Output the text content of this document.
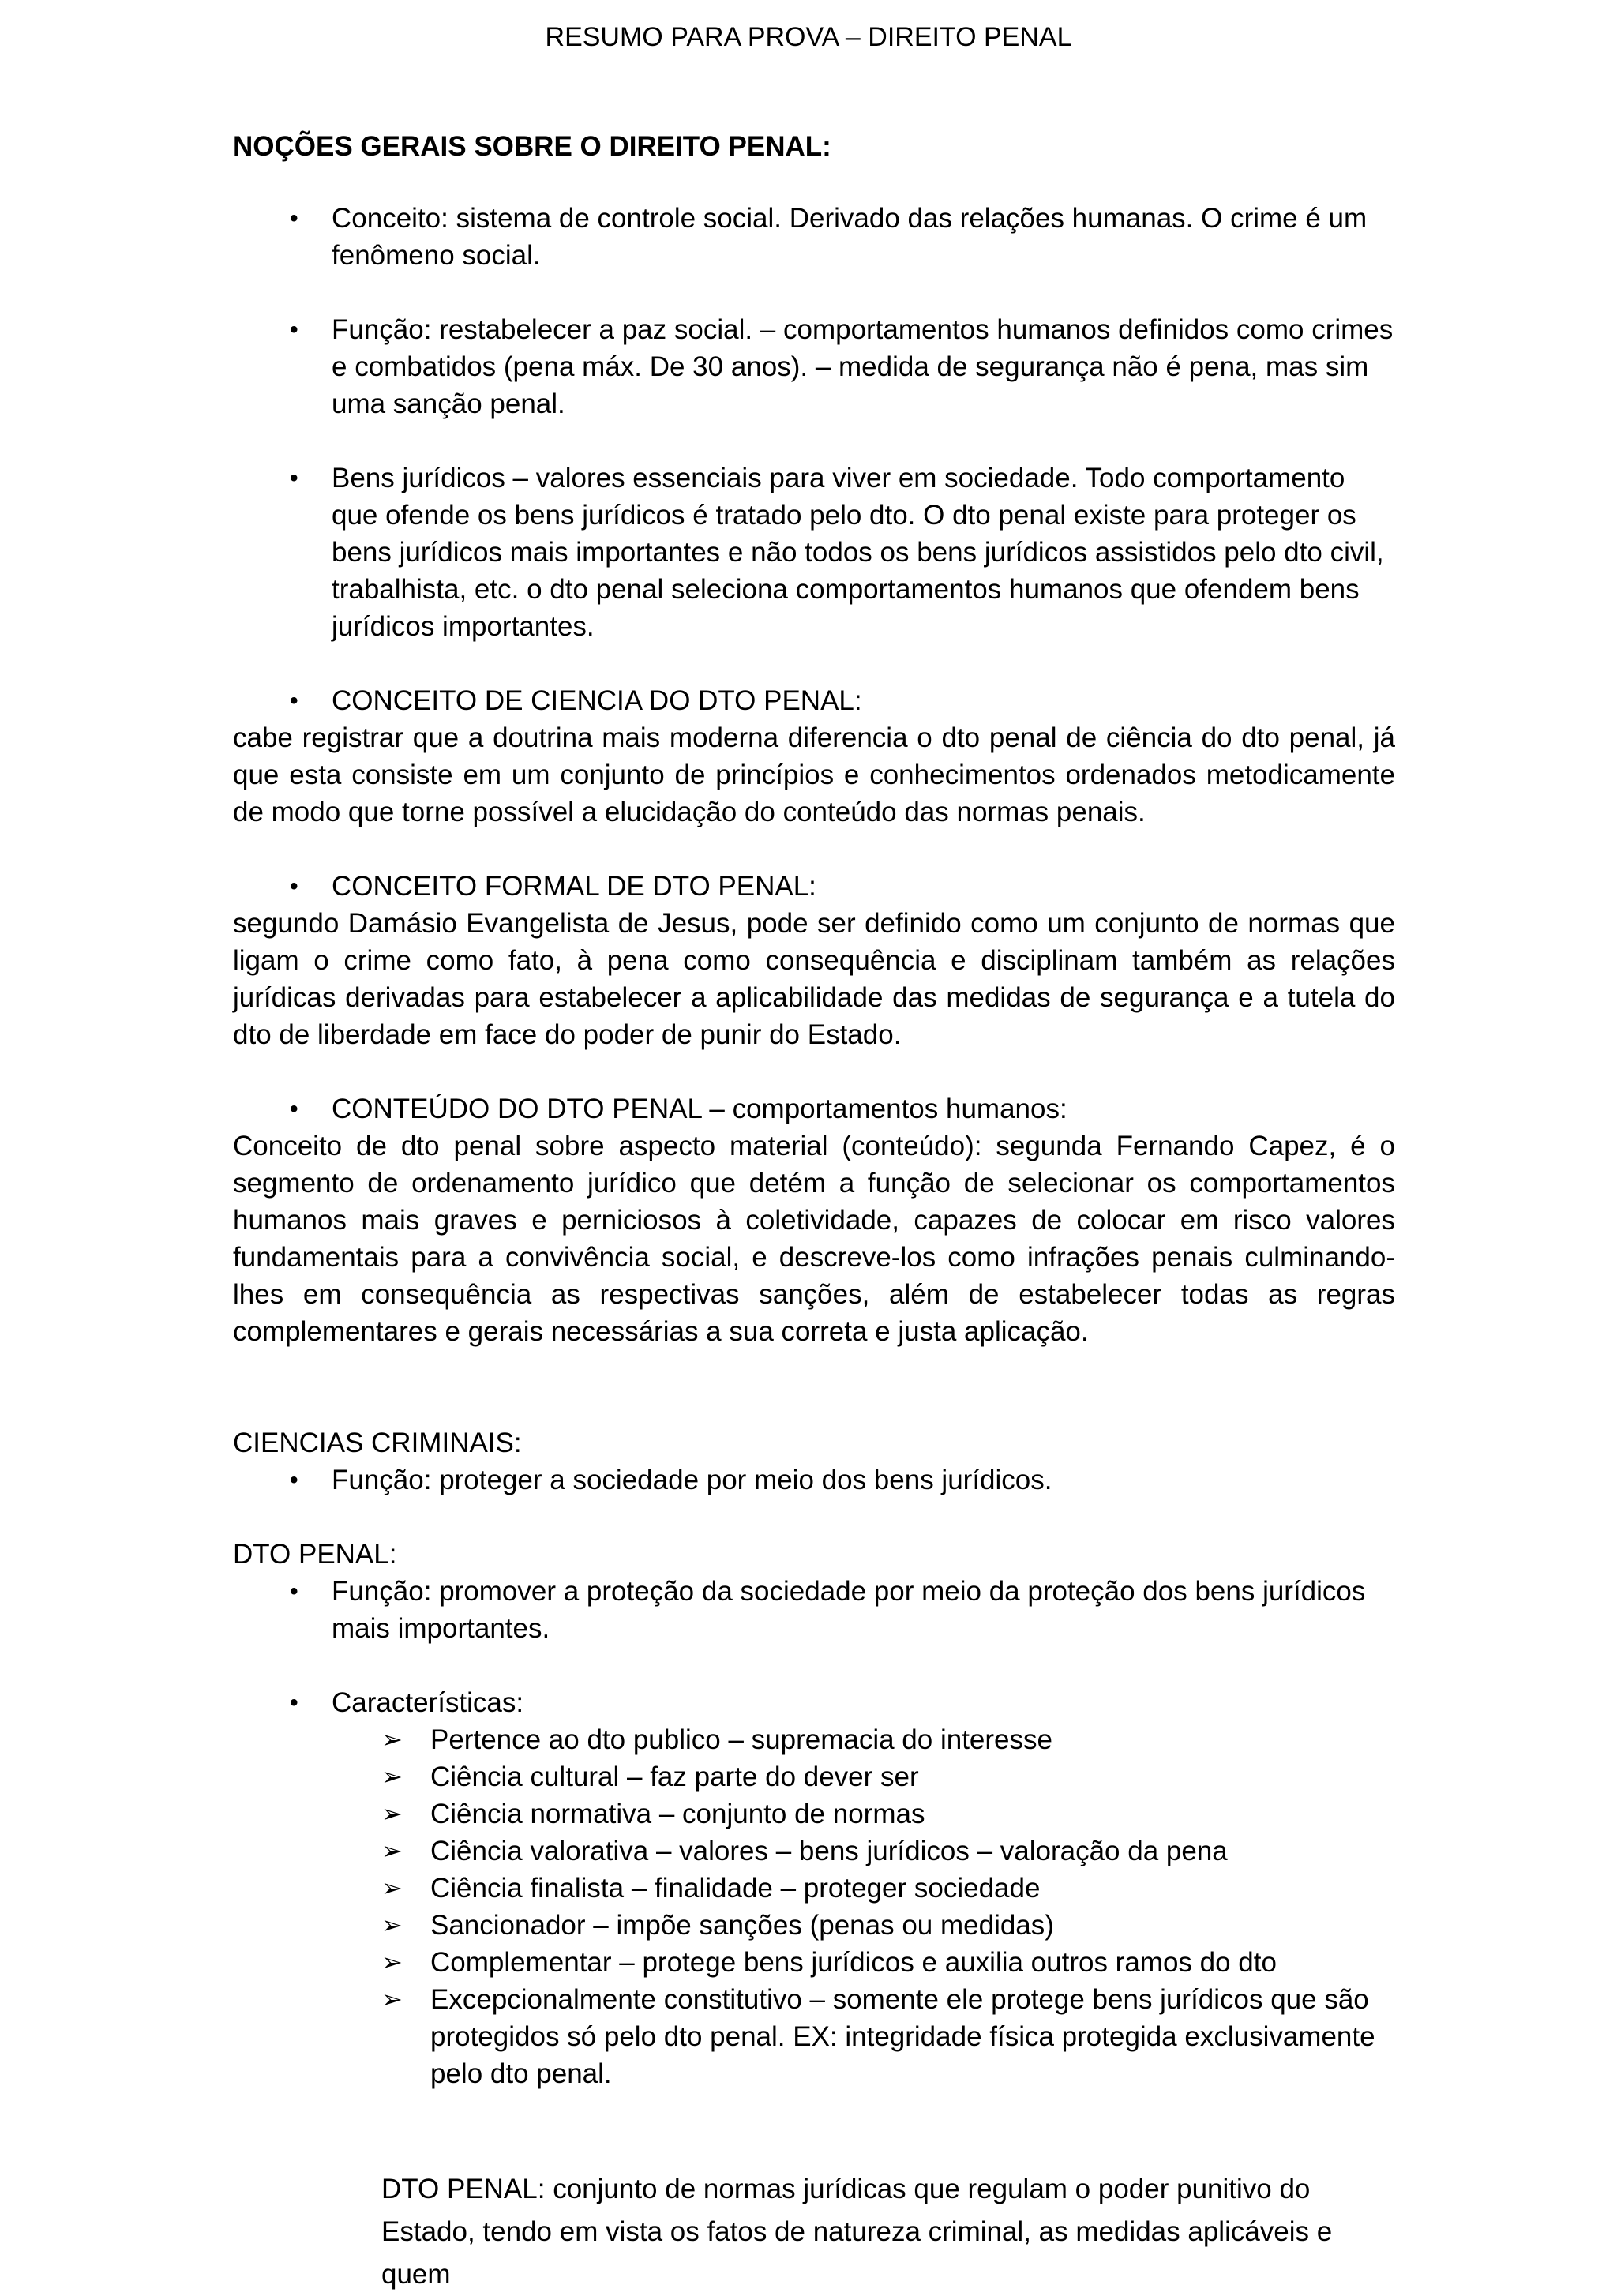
RESUMO PARA PROVA – DIREITO PENAL
NOÇÕES GERAIS SOBRE O DIREITO PENAL:
•	Conceito: sistema de controle social. Derivado das relações humanas. O crime é um fenômeno social.
•	Função: restabelecer a paz social. – comportamentos humanos definidos como crimes e combatidos (pena máx. De 30 anos). – medida de segurança não é pena, mas sim uma sanção penal.
•	Bens jurídicos – valores essenciais para viver em sociedade. Todo comportamento que ofende os bens jurídicos é tratado pelo dto. O dto penal existe para proteger os bens jurídicos mais importantes e não todos os bens jurídicos assistidos pelo dto civil, trabalhista, etc. o dto penal seleciona comportamentos humanos que ofendem bens jurídicos importantes.
•	CONCEITO DE CIENCIA DO DTO PENAL:

cabe registrar que a doutrina mais moderna diferencia o dto penal de ciência do dto penal, já que esta consiste em um conjunto de princípios e conhecimentos ordenados metodicamente de modo que torne possível a elucidação do conteúdo das normas penais.

•	CONCEITO FORMAL DE DTO PENAL:

segundo Damásio Evangelista de Jesus, pode ser definido como um conjunto de normas que ligam o crime como fato, à pena como consequência e disciplinam também as relações jurídicas derivadas para estabelecer a aplicabilidade das medidas de segurança e a tutela do dto de liberdade em face do poder de punir do Estado.

•	CONTEÚDO DO DTO PENAL – comportamentos humanos:

Conceito de dto penal sobre aspecto material (conteúdo): segunda Fernando Capez, é o segmento de ordenamento jurídico que detém a função de selecionar os comportamentos humanos mais graves e perniciosos à coletividade, capazes de colocar em risco valores fundamentais para a convivência social, e descreve-los como infrações penais culminando-lhes em consequência as respectivas sanções, além de estabelecer todas as regras complementares e gerais necessárias a sua correta e justa aplicação.

CIENCIAS CRIMINAIS:
•	Função: proteger a sociedade por meio dos bens jurídicos.
DTO PENAL:
•	Função: promover a proteção da sociedade por meio da proteção dos bens jurídicos mais importantes.
•	Características:
➢	Pertence ao dto publico – supremacia do interesse
➢	Ciência cultural – faz parte do dever ser
➢	Ciência normativa – conjunto de normas
➢	Ciência valorativa – valores – bens jurídicos – valoração da pena
➢	Ciência finalista – finalidade – proteger sociedade
➢	Sancionador – impõe sanções (penas ou medidas)
➢	Complementar – protege bens jurídicos e auxilia outros ramos do dto
➢	Excepcionalmente constitutivo – somente ele protege bens jurídicos que são protegidos só pelo dto penal. EX: integridade física protegida exclusivamente pelo dto penal.
DTO PENAL: conjunto de normas jurídicas que regulam o poder punitivo do Estado, tendo em vista os fatos de natureza criminal, as medidas aplicáveis e quem
